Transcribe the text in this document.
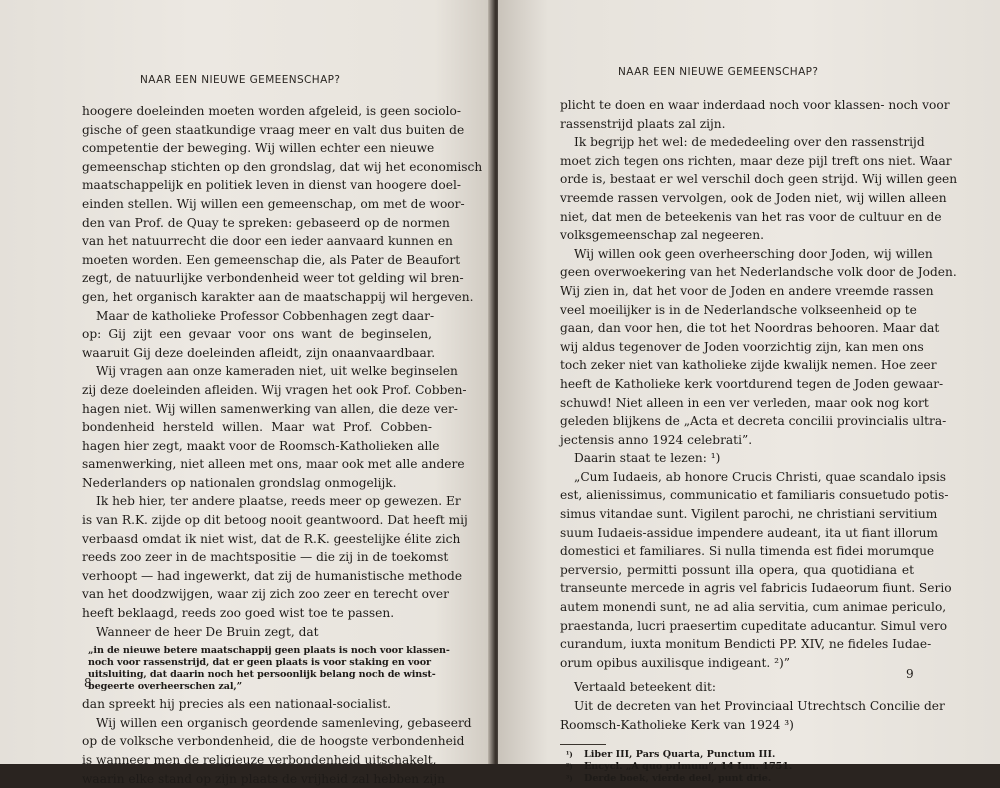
NAAR EEN NIEUWE GEMEENSCHAP?
hoogere doeleinden moeten worden afgeleid, is geen sociolo-
gische of geen staatkundige vraag meer en valt dus buiten de
competentie der beweging. Wij willen echter een nieuwe
gemeenschap stichten op den grondslag, dat wij het economisch
maatschappelijk en politiek leven in dienst van hoogere doel-
einden stellen. Wij willen een gemeenschap, om met de woor-
den van Prof. de Quay te spreken: gebaseerd op de normen
van het natuurrecht die door een ieder aanvaard kunnen en
moeten worden. Een gemeenschap die, als Pater de Beaufort
zegt, de natuurlijke verbondenheid weer tot gelding wil bren-
gen, het organisch karakter aan de maatschappij wil hergeven.
Maar de katholieke Professor Cobbenhagen zegt daar-
op: Gij zijt een gevaar voor ons want de beginselen,
waaruit Gij deze doeleinden afleidt, zijn onaanvaardbaar.
Wij vragen aan onze kameraden niet, uit welke beginselen
zij deze doeleinden afleiden. Wij vragen het ook Prof. Cobben-
hagen niet. Wij willen samenwerking van allen, die deze ver-
bondenheid hersteld willen. Maar wat Prof. Cobben-
hagen hier zegt, maakt voor de Roomsch-Katholieken alle
samenwerking, niet alleen met ons, maar ook met alle andere
Nederlanders op nationalen grondslag onmogelijk.
Ik heb hier, ter andere plaatse, reeds meer op gewezen. Er
is van R.K. zijde op dit betoog nooit geantwoord. Dat heeft mij
verbaasd omdat ik niet wist, dat de R.K. geestelijke élite zich
reeds zoo zeer in de machtspositie — die zij in de toekomst
verhoopt — had ingewerkt, dat zij de humanistische methode
van het doodzwijgen, waar zij zich zoo zeer en terecht over
heeft beklaagd, reeds zoo goed wist toe te passen.
Wanneer de heer De Bruin zegt, dat
„in de nieuwe betere maatschappij geen plaats is noch voor klassen-
noch voor rassenstrijd, dat er geen plaats is voor staking en voor
uitsluiting, dat daarin noch het persoonlijk belang noch de winst-
begeerte overheerschen zal,”
dan spreekt hij precies als een nationaal-socialist.
Wij willen een organisch geordende samenleving, gebaseerd
op de volksche verbondenheid, die de hoogste verbondenheid
is wanneer men de religieuze verbondenheid uitschakelt,
waarin elke stand op zijn plaats de vrijheid zal hebben zijn
8
NAAR EEN NIEUWE GEMEENSCHAP?
plicht te doen en waar inderdaad noch voor klassen- noch voor
rassenstrijd plaats zal zijn.
Ik begrijp het wel: de mededeeling over den rassenstrijd
moet zich tegen ons richten, maar deze pijl treft ons niet. Waar
orde is, bestaat er wel verschil doch geen strijd. Wij willen geen
vreemde rassen vervolgen, ook de Joden niet, wij willen alleen
niet, dat men de beteekenis van het ras voor de cultuur en de
volksgemeenschap zal negeeren.
Wij willen ook geen overheersching door Joden, wij willen
geen overwoekering van het Nederlandsche volk door de Joden.
Wij zien in, dat het voor de Joden en andere vreemde rassen
veel moeilijker is in de Nederlandsche volkseenheid op te
gaan, dan voor hen, die tot het Noordras behooren. Maar dat
wij aldus tegenover de Joden voorzichtig zijn, kan men ons
toch zeker niet van katholieke zijde kwalijk nemen. Hoe zeer
heeft de Katholieke kerk voortdurend tegen de Joden gewaar-
schuwd! Niet alleen in een ver verleden, maar ook nog kort
geleden blijkens de „Acta et decreta concilii provincialis ultra-
jectensis anno 1924 celebrati”.
Daarin staat te lezen: ¹)
„Cum Iudaeis, ab honore Crucis Christi, quae scandalo ipsis
est, alienissimus, communicatio et familiaris consuetudo potis-
simus vitandae sunt. Vigilent parochi, ne christiani servitium
suum Iudaeis-assidue impendere audeant, ita ut fiant illorum
domestici et familiares. Si nulla timenda est fidei morumque
perversio, permitti possunt illa opera, qua quotidiana et
transeunte mercede in agris vel fabricis Iudaeorum fiunt. Serio
autem monendi sunt, ne ad alia servitia, cum animae periculo,
praestanda, lucri praesertim cupeditate aducantur. Simul vero
curandum, iuxta monitum Bendicti PP. XIV, ne fideles Iudae-
orum opibus auxilisque indigeant. ²)”
Vertaald beteekent dit:
Uit de decreten van het Provinciaal Utrechtsch Concilie der
Roomsch-Katholieke Kerk van 1924 ³)
¹) Liber III, Pars Quarta, Punctum III.
²) Encycl. „A quo primum”, 14 Iun. 1751.
³) Derde boek, vierde deel, punt drie.
9
